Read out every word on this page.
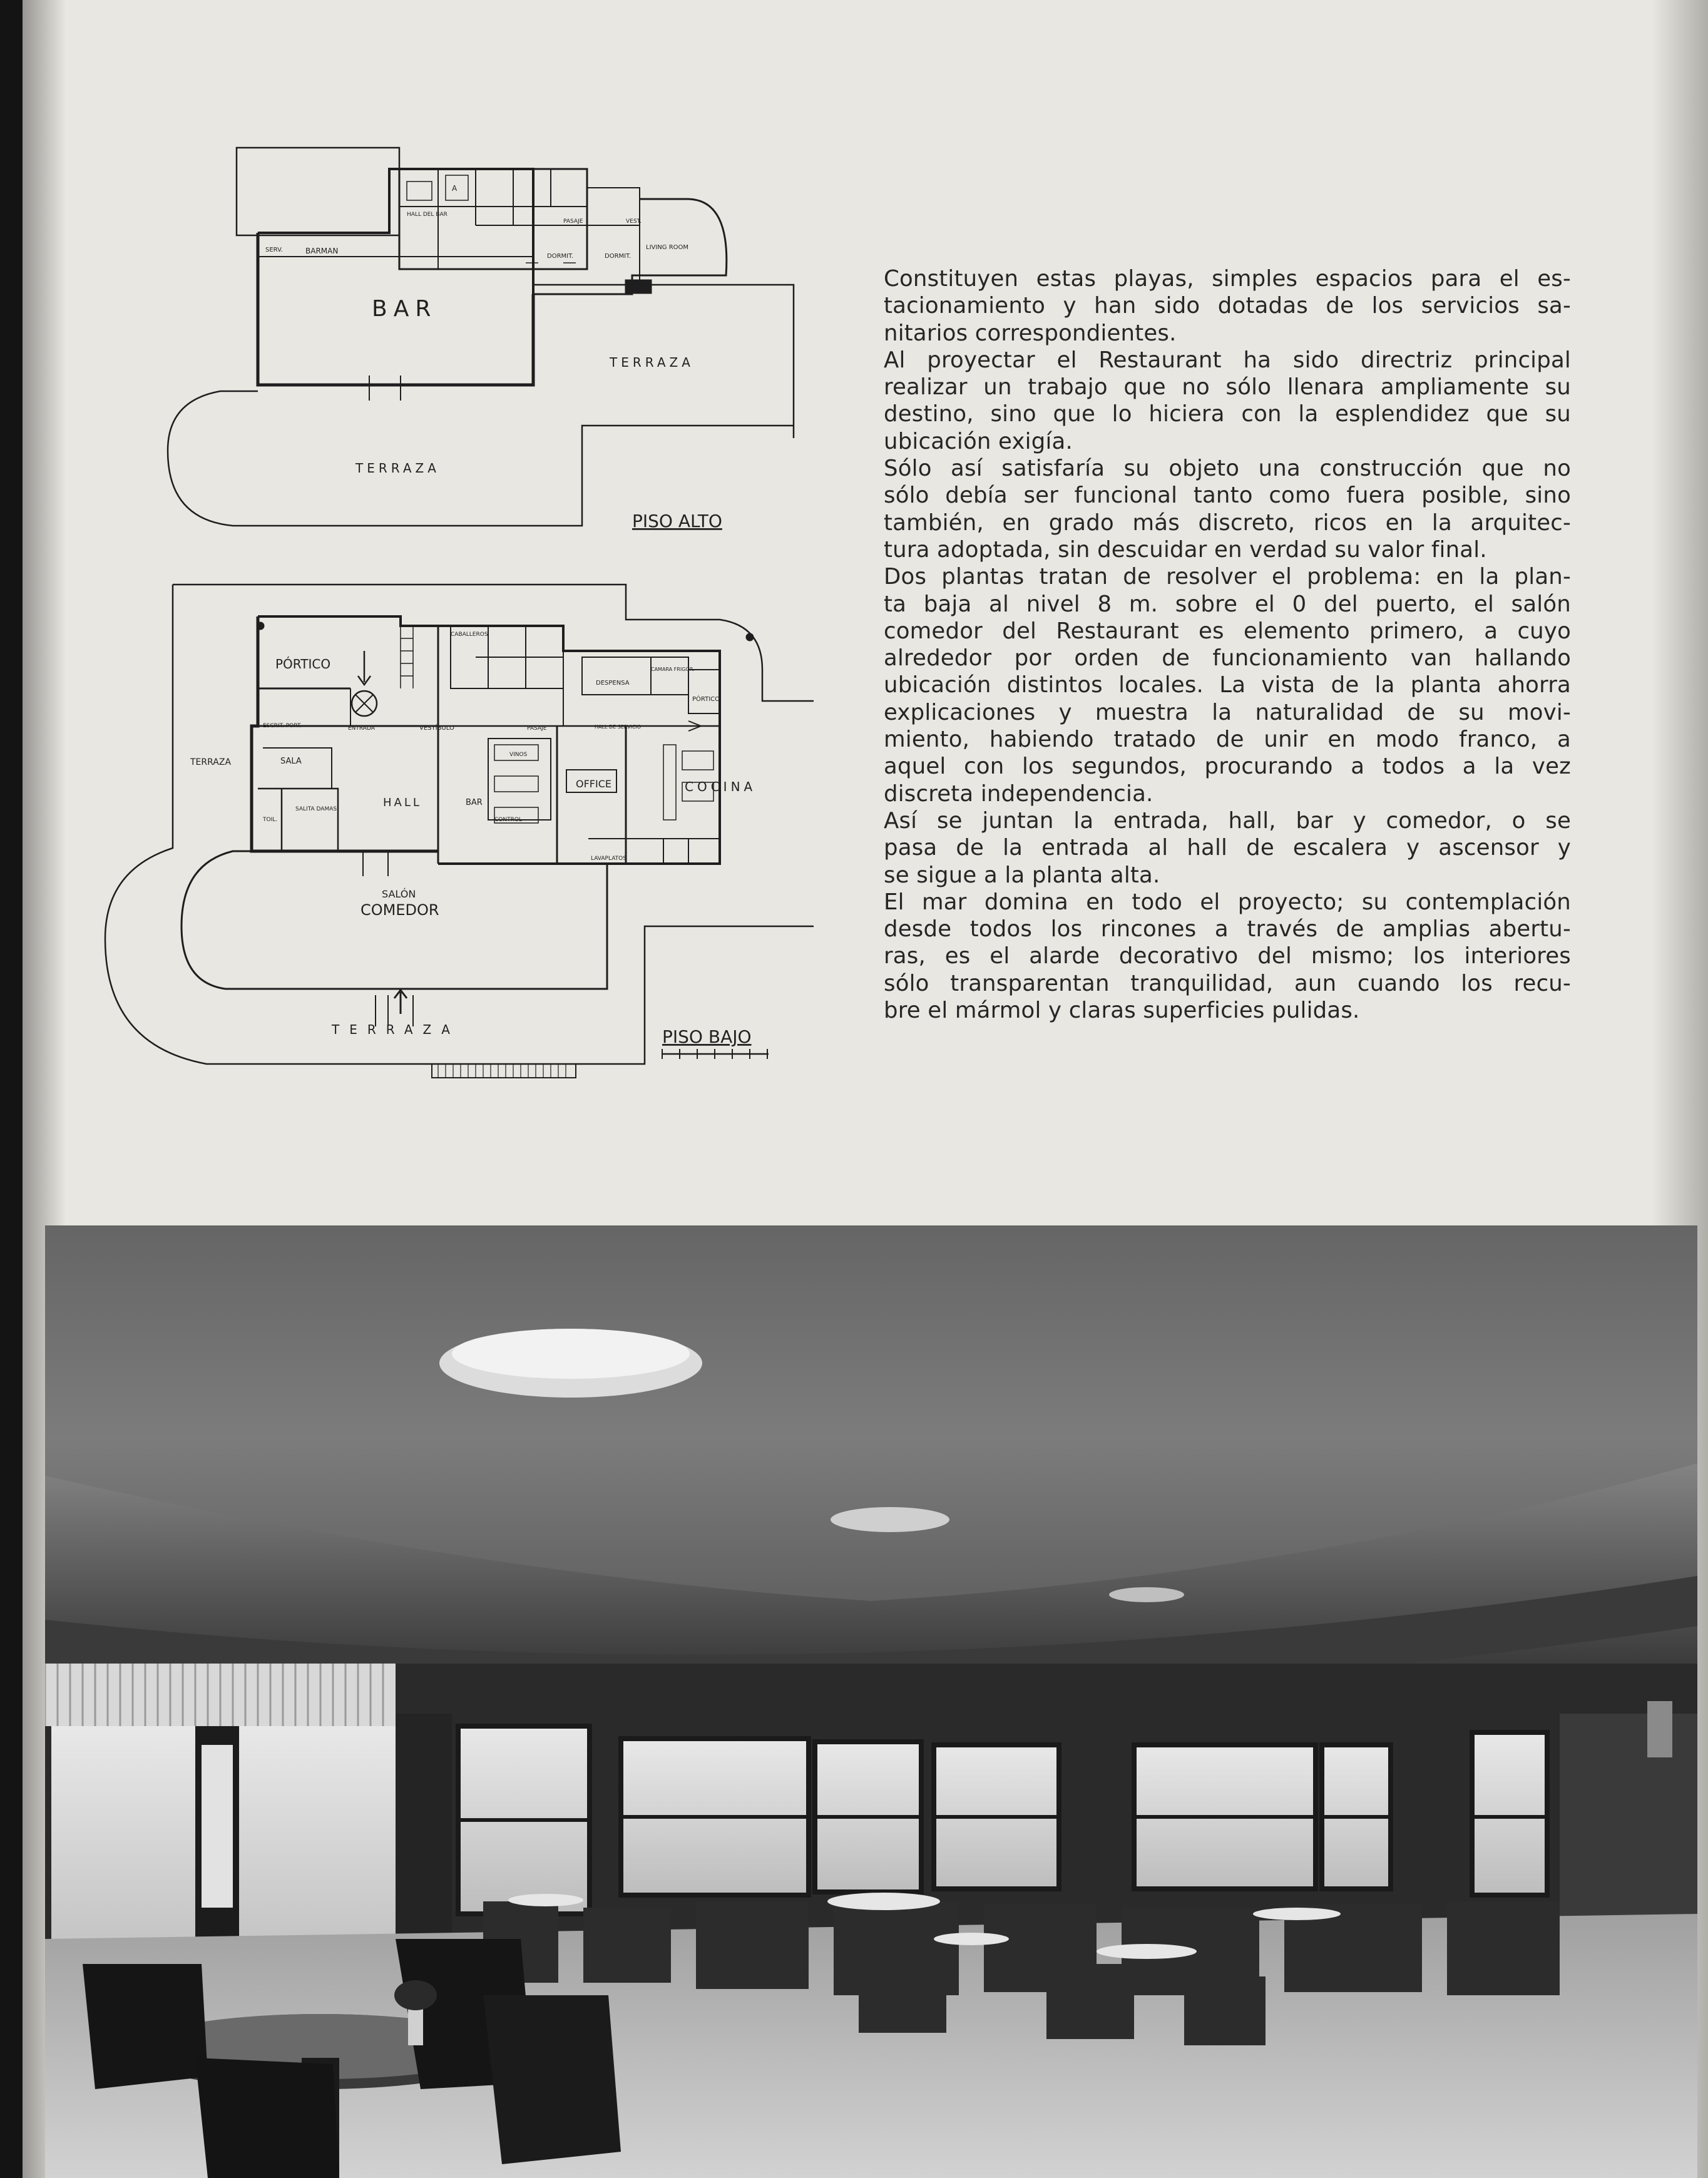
BAR
BARMAN
SERV.
TERRAZA
TERRAZA
HALL DEL BAR
A
DORMIT.	DORMIT.
LIVING ROOM
PASAJE	VEST.
PISO ALTO
PÓRTICO
PÓRTICO
TERRAZA
TERRAZA
HALL
SALÓN
COMEDOR
OFFICE	COCINA
BAR
SALA
SALITA DAMAS
TOIL.
ENTRADA	VESTÍBULO	PASAJE
CABALLEROS
DESPENSA
CAMARA FRIGOR.
CONTROL
LAVAPLATOS
VINOS
ESCRIT. PORT.	HALL DE SERVICIO
PISO BAJO
Constituyen estas playas, simples espacios para el es-
tacionamiento y han sido dotadas de los servicios sa-
nitarios correspondientes.
Al proyectar el Restaurant ha sido directriz principal
realizar un trabajo que no sólo llenara ampliamente su
destino, sino que lo hiciera con la esplendidez que su
ubicación exigía.
Sólo así satisfaría su objeto una construcción que no
sólo debía ser funcional tanto como fuera posible, sino
también, en grado más discreto, ricos en la arquitec-
tura adoptada, sin descuidar en verdad su valor final.
Dos plantas tratan de resolver el problema: en la plan-
ta baja al nivel 8 m. sobre el 0 del puerto, el salón
comedor del Restaurant es elemento primero, a cuyo
alrededor por orden de funcionamiento van hallando
ubicación distintos locales. La vista de la planta ahorra
explicaciones y muestra la naturalidad de su movi-
miento, habiendo tratado de unir en modo franco, a
aquel con los segundos, procurando a todos a la vez
discreta independencia.
Así se juntan la entrada, hall, bar y comedor, o se
pasa de la entrada al hall de escalera y ascensor y
se sigue a la planta alta.
El mar domina en todo el proyecto; su contemplación
desde todos los rincones a través de amplias abertu-
ras, es el alarde decorativo del mismo; los interiores
sólo transparentan tranquilidad, aun cuando los recu-
bre el mármol y claras superficies pulidas.
